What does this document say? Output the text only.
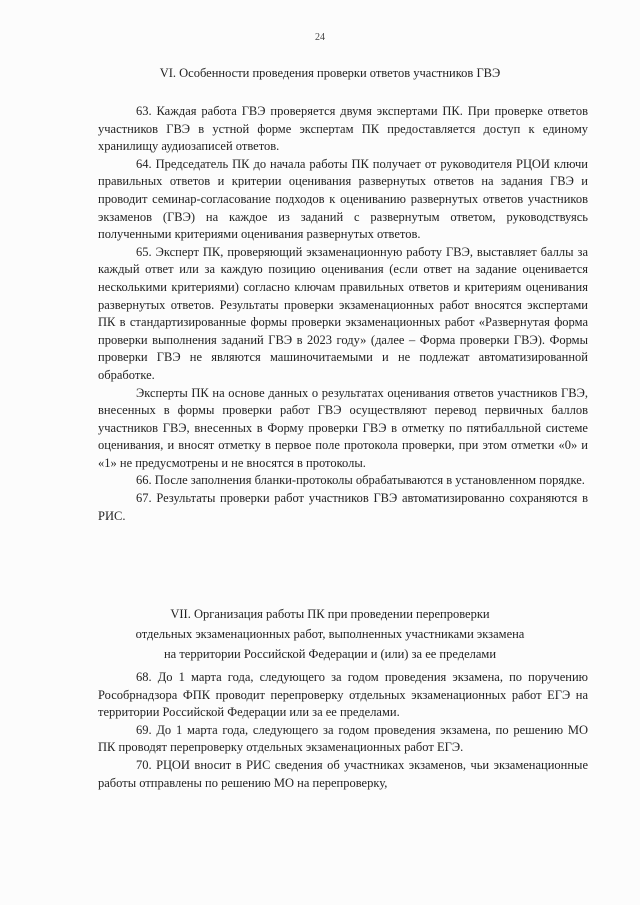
24
VI. Особенности проведения проверки ответов участников ГВЭ

63. Каждая работа ГВЭ проверяется двумя экспертами ПК. При проверке ответов участников ГВЭ в устной форме экспертам ПК предоставляется доступ к единому хранилищу аудиозаписей ответов.

64. Председатель ПК до начала работы ПК получает от руководителя РЦОИ ключи правильных ответов и критерии оценивания развернутых ответов на задания ГВЭ и проводит семинар-согласование подходов к оцениванию развернутых ответов участников экзаменов (ГВЭ) на каждое из заданий с развернутым ответом, руководствуясь полученными критериями оценивания развернутых ответов.

65. Эксперт ПК, проверяющий экзаменационную работу ГВЭ, выставляет баллы за каждый ответ или за каждую позицию оценивания (если ответ на задание оценивается несколькими критериями) согласно ключам правильных ответов и критериям оценивания развернутых ответов. Результаты проверки экзаменационных работ вносятся экспертами ПК в стандартизированные формы проверки экзаменационных работ «Развернутая форма проверки выполнения заданий ГВЭ в 2023 году» (далее – Форма проверки ГВЭ). Формы проверки ГВЭ не являются машиночитаемыми и не подлежат автоматизированной обработке.

Эксперты ПК на основе данных о результатах оценивания ответов участников ГВЭ, внесенных в формы проверки работ ГВЭ осуществляют перевод первичных баллов участников ГВЭ, внесенных в Форму проверки ГВЭ в отметку по пятибалльной системе оценивания, и вносят отметку в первое поле протокола проверки, при этом отметки «0» и «1» не предусмотрены и не вносятся в протоколы.

66. После заполнения бланки-протоколы обрабатываются в установленном порядке.

67. Результаты проверки работ участников ГВЭ автоматизированно сохраняются в РИС.

VII. Организация работы ПК при проведении перепроверки
отдельных экзаменационных работ, выполненных участниками экзамена
на территории Российской Федерации и (или) за ее пределами

68. До 1 марта года, следующего за годом проведения экзамена, по поручению Рособрнадзора ФПК проводит перепроверку отдельных экзаменационных работ ЕГЭ на территории Российской Федерации или за ее пределами.

69. До 1 марта года, следующего за годом проведения экзамена, по решению МО ПК проводят перепроверку отдельных экзаменационных работ ЕГЭ.

70. РЦОИ вносит в РИС сведения об участниках экзаменов, чьи экзаменационные работы отправлены по решению МО на перепроверку,
